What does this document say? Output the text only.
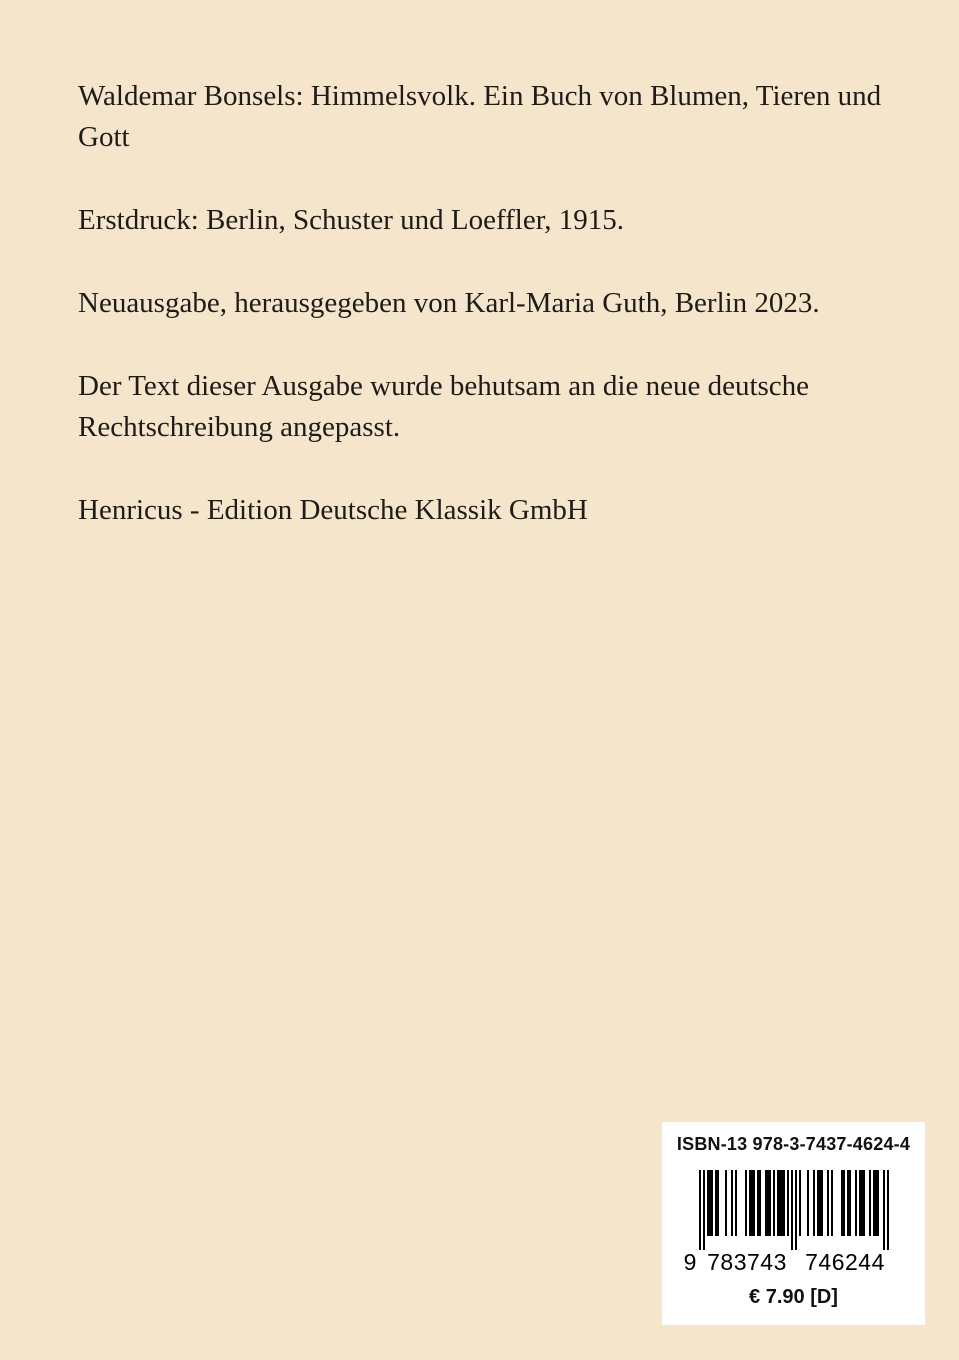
Waldemar Bonsels: Himmelsvolk. Ein Buch von Blumen, Tieren und Gott

Erstdruck: Berlin, Schuster und Loeffler, 1915.

Neuausgabe, herausgegeben von Karl-Maria Guth, Berlin 2023.

Der Text dieser Ausgabe wurde behutsam an die neue deutsche Rechtschreibung angepasst.

Henricus - Edition Deutsche Klassik GmbH

ISBN-13 978-3-7437-4624-4
9 783743 746244
€ 7.90 [D]
